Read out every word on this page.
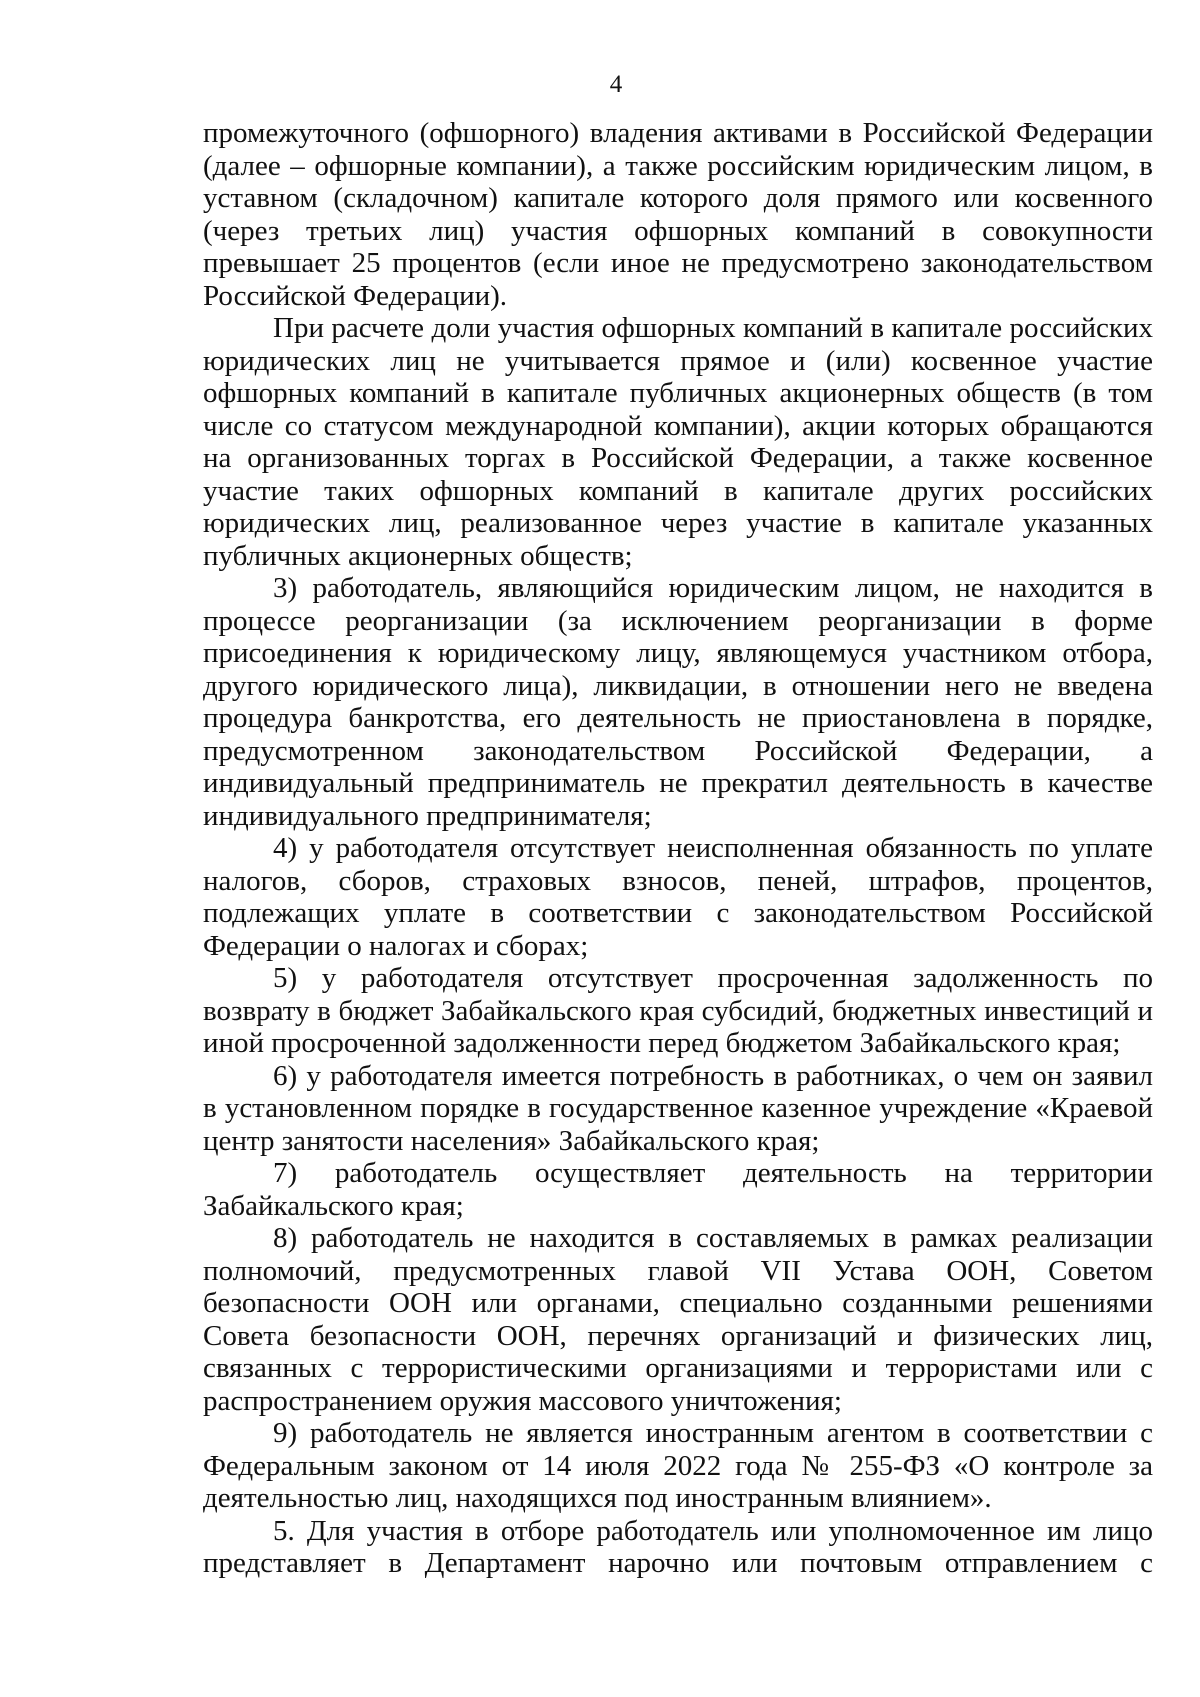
4

промежуточного (офшорного) владения активами в Российской Федерации (далее – офшорные компании), а также российским юридическим лицом, в уставном (складочном) капитале которого доля прямого или косвенного (через третьих лиц) участия офшорных компаний в совокупности превышает 25 процентов (если иное не предусмотрено законодательством Российской Федерации).

При расчете доли участия офшорных компаний в капитале российских юридических лиц не учитывается прямое и (или) косвенное участие офшорных компаний в капитале публичных акционерных обществ (в том числе со статусом международной компании), акции которых обращаются на организованных торгах в Российской Федерации, а также косвенное участие таких офшорных компаний в капитале других российских юридических лиц, реализованное через участие в капитале указанных публичных акционерных обществ;

3) работодатель, являющийся юридическим лицом, не находится в процессе реорганизации (за исключением реорганизации в форме присоединения к юридическому лицу, являющемуся участником отбора, другого юридического лица), ликвидации, в отношении него не введена процедура банкротства, его деятельность не приостановлена в порядке, предусмотренном законодательством Российской Федерации, а индивидуальный предприниматель не прекратил деятельность в качестве индивидуального предпринимателя;

4) у работодателя отсутствует неисполненная обязанность по уплате налогов, сборов, страховых взносов, пеней, штрафов, процентов, подлежащих уплате в соответствии с законодательством Российской Федерации о налогах и сборах;

5) у работодателя отсутствует просроченная задолженность по возврату в бюджет Забайкальского края субсидий, бюджетных инвестиций и иной просроченной задолженности перед бюджетом Забайкальского края;

6) у работодателя имеется потребность в работниках, о чем он заявил в установленном порядке в государственное казенное учреждение «Краевой центр занятости населения» Забайкальского края;

7) работодатель осуществляет деятельность на территории Забайкальского края;

8) работодатель не находится в составляемых в рамках реализации полномочий, предусмотренных главой VII Устава ООН, Советом безопасности ООН или органами, специально созданными решениями Совета безопасности ООН, перечнях организаций и физических лиц, связанных с террористическими организациями и террористами или с распространением оружия массового уничтожения;

9) работодатель не является иностранным агентом в соответствии с Федеральным законом от 14 июля 2022 года № 255-ФЗ «О контроле за деятельностью лиц, находящихся под иностранным влиянием».

5. Для участия в отборе работодатель или уполномоченное им лицо представляет в Департамент нарочно или почтовым отправлением с
